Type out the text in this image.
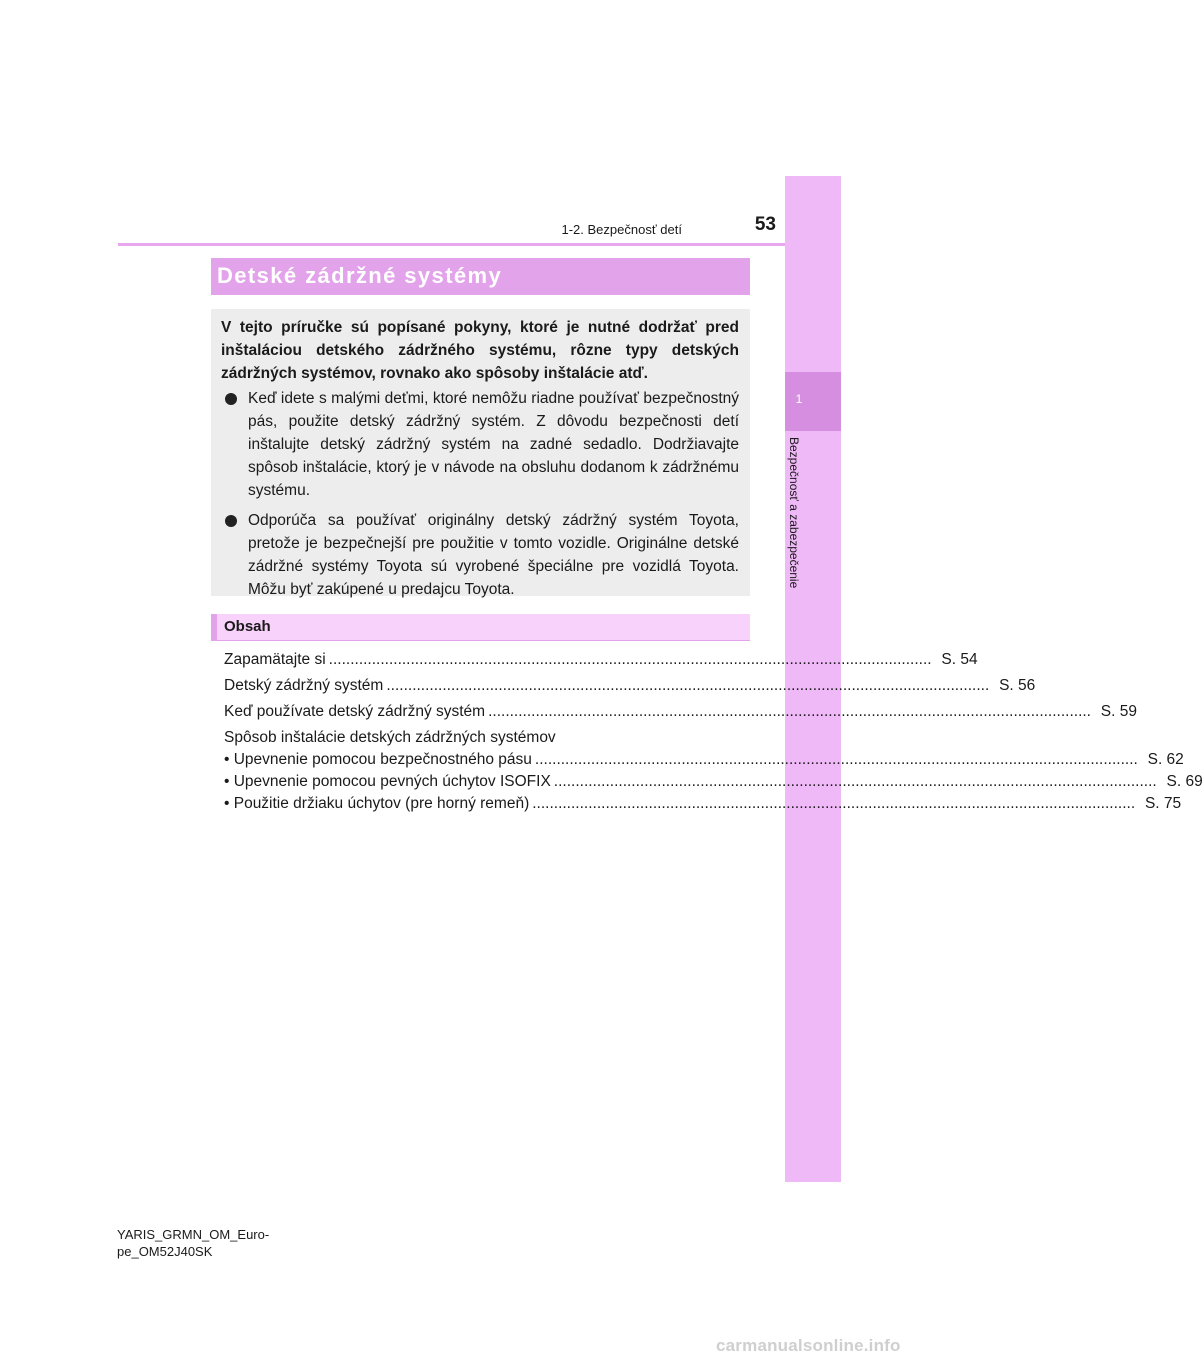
53
1-2. Bezpečnosť detí
1
Bezpečnosť a zabezpečenie
Detské zádržné systémy

V tejto príručke sú popísané pokyny, ktoré je nutné dodržať pred inštaláciou detského zádržného systému, rôzne typy detských zádržných systémov, rovnako ako spôsoby inštalácie atď.

Keď idete s malými deťmi, ktoré nemôžu riadne používať bezpečnostný pás, použite detský zádržný systém. Z dôvodu bezpečnosti detí inštalujte detský zádržný systém na zadné sedadlo. Dodržiavajte spôsob inštalácie, ktorý je v návode na obsluhu dodanom k zádržnému systému.
Odporúča sa používať originálny detský zádržný systém Toyota, pretože je bezpečnejší pre použitie v tomto vozidle. Originálne detské zádržné systémy Toyota sú vyrobené špeciálne pre vozidlá Toyota. Môžu byť zakúpené u predajcu Toyota.
Obsah
Zapamätajte si ............................................................................................................................................ S. 54
Detský zádržný systém ............................................................................................................................................ S. 56
Keď používate detský zádržný systém ............................................................................................................................................ S. 59
Spôsob inštalácie detských zádržných systémov
• Upevnenie pomocou bezpečnostného pásu ............................................................................................................................................ S. 62
• Upevnenie pomocou pevných úchytov ISOFIX ............................................................................................................................................ S. 69
• Použitie držiaku úchytov (pre horný remeň) ............................................................................................................................................ S. 75
YARIS_GRMN_OM_Euro-
pe_OM52J40SK
carmanualsonline.info
